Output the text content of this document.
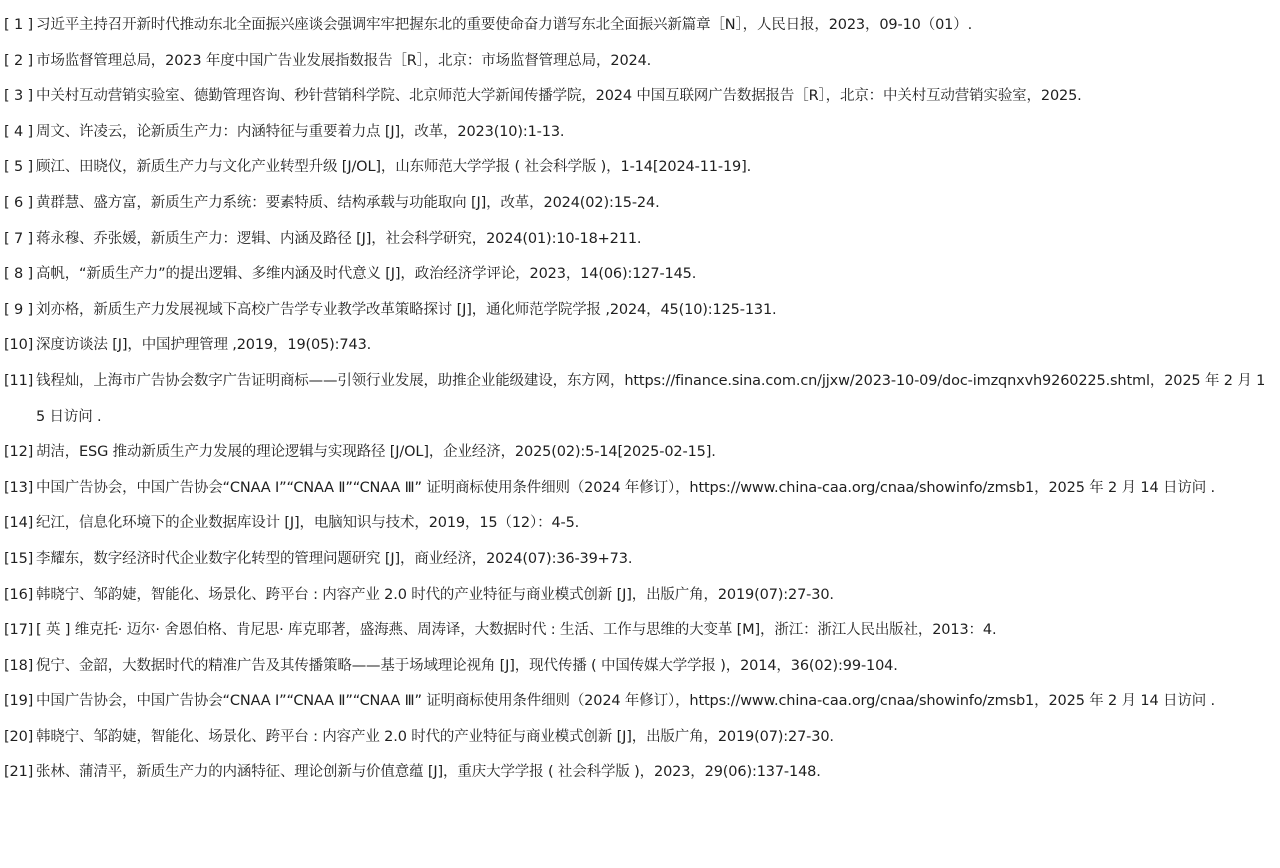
[ 1 ] 习近平主持召开新时代推动东北全面振兴座谈会强调牢牢把握东北的重要使命奋力谱写东北全面振兴新篇章［N］，人民日报，2023，09-10（01）.
[ 2 ] 市场监督管理总局，2023 年度中国广告业发展指数报告［R］，北京：市场监督管理总局，2024.
[ 3 ] 中关村互动营销实验室、德勤管理咨询、秒针营销科学院、北京师范大学新闻传播学院，2024 中国互联网广告数据报告［R］，北京：中关村互动营销实验室，2025.
[ 4 ] 周文、许凌云，论新质生产力：内涵特征与重要着力点 [J]，改革，2023(10):1-13.
[ 5 ] 顾江、田晓仪，新质生产力与文化产业转型升级 [J/OL]，山东师范大学学报 ( 社会科学版 )，1-14[2024-11-19].
[ 6 ] 黄群慧、盛方富，新质生产力系统：要素特质、结构承载与功能取向 [J]，改革，2024(02):15-24.
[ 7 ] 蒋永穆、乔张媛，新质生产力：逻辑、内涵及路径 [J]，社会科学研究，2024(01):10-18+211.
[ 8 ] 高帆，“新质生产力”的提出逻辑、多维内涵及时代意义 [J]，政治经济学评论，2023，14(06):127-145.
[ 9 ] 刘亦格，新质生产力发展视域下高校广告学专业教学改革策略探讨 [J]，通化师范学院学报 ,2024，45(10):125-131.
[10] 深度访谈法 [J]，中国护理管理 ,2019，19(05):743.
[11] 钱程灿，上海市广告协会数字广告证明商标——引领行业发展，助推企业能级建设，东方网，https://finance.sina.com.cn/jjxw/2023-10-09/doc-imzqnxvh9260225.shtml，2025 年 2 月 15 日访问 .
[12] 胡洁，ESG 推动新质生产力发展的理论逻辑与实现路径 [J/OL]，企业经济，2025(02):5-14[2025-02-15].
[13] 中国广告协会，中国广告协会“CNAA Ⅰ”“CNAA Ⅱ”“CNAA Ⅲ” 证明商标使用条件细则（2024 年修订），https://www.china-caa.org/cnaa/showinfo/zmsb1，2025 年 2 月 14 日访问 .
[14] 纪江，信息化环境下的企业数据库设计 [J]，电脑知识与技术，2019，15（12）：4-5.
[15] 李耀东，数字经济时代企业数字化转型的管理问题研究 [J]，商业经济，2024(07):36-39+73.
[16] 韩晓宁、邹韵婕，智能化、场景化、跨平台 : 内容产业 2.0 时代的产业特征与商业模式创新 [J]，出版广角，2019(07):27-30.
[17] [ 英 ] 维克托· 迈尔· 舍恩伯格、肯尼思· 库克耶著，盛海燕、周涛译，大数据时代 : 生活、工作与思维的大变革 [M]，浙江：浙江人民出版社，2013：4.
[18] 倪宁、金韶，大数据时代的精准广告及其传播策略——基于场域理论视角 [J]，现代传播 ( 中国传媒大学学报 )，2014，36(02):99-104.
[19] 中国广告协会，中国广告协会“CNAA Ⅰ”“CNAA Ⅱ”“CNAA Ⅲ” 证明商标使用条件细则（2024 年修订），https://www.china-caa.org/cnaa/showinfo/zmsb1，2025 年 2 月 14 日访问 .
[20] 韩晓宁、邹韵婕，智能化、场景化、跨平台 : 内容产业 2.0 时代的产业特征与商业模式创新 [J]，出版广角，2019(07):27-30.
[21] 张林、蒲清平，新质生产力的内涵特征、理论创新与价值意蕴 [J]，重庆大学学报 ( 社会科学版 )，2023，29(06):137-148.
